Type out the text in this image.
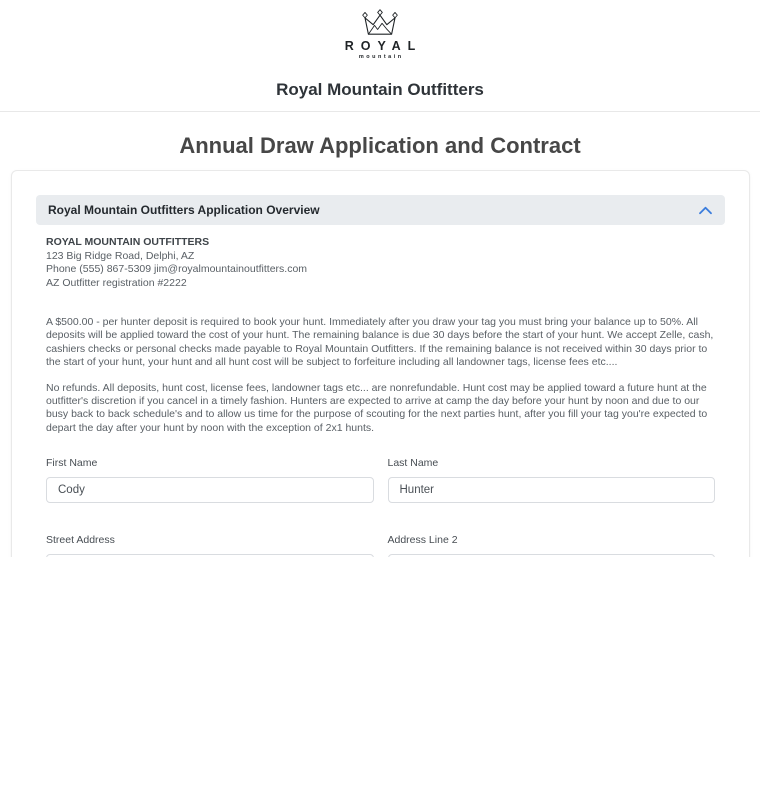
ROYAL
mountain
Royal Mountain Outfitters
Annual Draw Application and Contract
Royal Mountain Outfitters Application Overview
ROYAL MOUNTAIN OUTFITTERS
123 Big Ridge Road, Delphi, AZ
Phone (555) 867-5309 jim@royalmountainoutfitters.com
AZ Outfitter registration #2222

A $500.00 - per hunter deposit is required to book your hunt. Immediately after you draw your tag you must bring your balance up to 50%. All deposits will be applied toward the cost of your hunt. The remaining balance is due 30 days before the start of your hunt. We accept Zelle, cash, cashiers checks or personal checks made payable to Royal Mountain Outfitters. If the remaining balance is not received within 30 days prior to the start of your hunt, your hunt and all hunt cost will be subject to forfeiture including all landowner tags, license fees etc....

No refunds. All deposits, hunt cost, license fees, landowner tags etc... are nonrefundable. Hunt cost may be applied toward a future hunt at the outfitter's discretion if you cancel in a timely fashion. Hunters are expected to arrive at camp the day before your hunt by noon and due to our busy back to back schedule's and to allow us time for the purpose of scouting for the next parties hunt, after you fill your tag you're expected to depart the day after your hunt by noon with the exception of 2x1 hunts.

First Name
Cody	Last Name
Hunter
Street Address	Address Line 2
